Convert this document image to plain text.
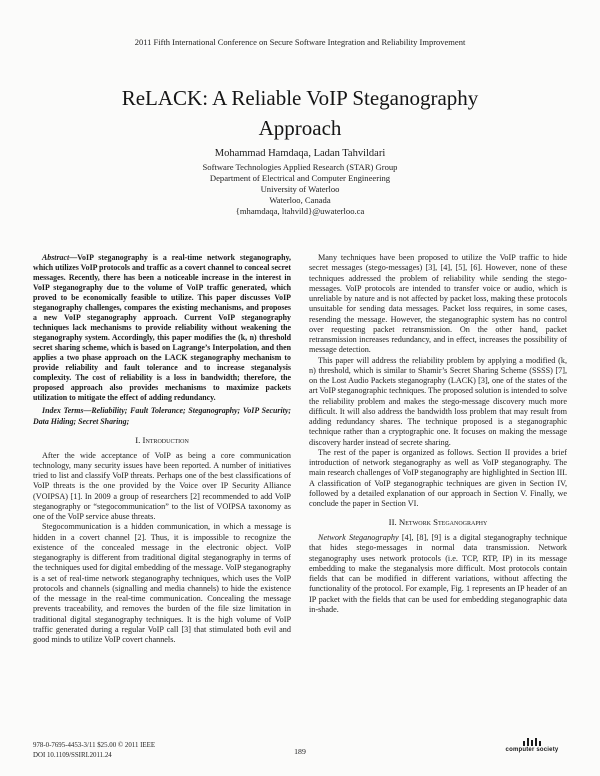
2011 Fifth International Conference on Secure Software Integration and Reliability Improvement
ReLACK: A Reliable VoIP Steganography
Approach
Mohammad Hamdaqa, Ladan Tahvildari
Software Technologies Applied Research (STAR) Group
Department of Electrical and Computer Engineering
University of Waterloo
Waterloo, Canada
{mhamdaqa, ltahvild}@uwaterloo.ca

Abstract—VoIP steganography is a real-time network steganography, which utilizes VoIP protocols and traffic as a covert channel to conceal secret messages. Recently, there has been a noticeable increase in the interest in VoIP steganography due to the volume of VoIP traffic generated, which proved to be economically feasible to utilize. This paper discusses VoIP steganography challenges, compares the existing mechanisms, and proposes a new VoIP steganography approach. Current VoIP steganography techniques lack mechanisms to provide reliability without weakening the steganography system. Accordingly, this paper modifies the (k, n) threshold secret sharing scheme, which is based on Lagrange’s Interpolation, and then applies a two phase approach on the LACK steganography mechanism to provide reliability and fault tolerance and to increase steganalysis complexity. The cost of reliability is a loss in bandwidth; therefore, the proposed approach also provides mechanisms to maximize packets utilization to mitigate the effect of adding redundancy.

Index Terms—Reliability; Fault Tolerance; Steganography; VoIP Security; Data Hiding; Secret Sharing;

I. Introduction

After the wide acceptance of VoIP as being a core communication technology, many security issues have been reported. A number of initiatives tried to list and classify VoIP threats. Perhaps one of the best classifications of VoIP threats is the one provided by the Voice over IP Security Alliance (VOIPSA) [1]. In 2009 a group of researchers [2] recommended to add VoIP steganography or “stegocommunication” to the list of VOIPSA taxonomy as one of the VoIP service abuse threats.

Stegocommunication is a hidden communication, in which a message is hidden in a covert channel [2]. Thus, it is impossible to recognize the existence of the concealed message in the electronic object. VoIP steganography is different from traditional digital steganography in terms of the techniques used for digital embedding of the message. VoIP steganography is a set of real-time network steganography techniques, which uses the VoIP protocols and channels (signalling and media channels) to hide the existence of the message in the real-time communication. Concealing the message prevents traceability, and removes the burden of the file size limitation in traditional digital steganography techniques. It is the high volume of VoIP traffic generated during a regular VoIP call [3] that stimulated both evil and good minds to utilize VoIP covert channels.

Many techniques have been proposed to utilize the VoIP traffic to hide secret messages (stego-messages) [3], [4], [5], [6]. However, none of these techniques addressed the problem of reliability while sending the stego-messages. VoIP protocols are intended to transfer voice or audio, which is unreliable by nature and is not affected by packet loss, making these protocols unsuitable for sending data messages. Packet loss requires, in some cases, resending the message. However, the steganographic system has no control over requesting packet retransmission. On the other hand, packet retransmission increases redundancy, and in effect, increases the possibility of message detection.

This paper will address the reliability problem by applying a modified (k, n) threshold, which is similar to Shamir’s Secret Sharing Scheme (SSSS) [7], on the Lost Audio Packets steganography (LACK) [3], one of the states of the art VoIP steganographic techniques. The proposed solution is intended to solve the reliability problem and makes the stego-message discovery much more difficult. It will also address the bandwidth loss problem that may result from adding redundancy shares. The technique proposed is a steganographic technique rather than a cryptographic one. It focuses on making the message discovery harder instead of secrete sharing.

The rest of the paper is organized as follows. Section II provides a brief introduction of network steganography as well as VoIP steganography. The main research challenges of VoIP steganography are highlighted in Section III. A classification of VoIP steganographic techniques are given in Section IV, followed by a detailed explanation of our approach in Section V. Finally, we conclude the paper in Section VI.

II. Network Steganography

Network Steganography [4], [8], [9] is a digital steganography technique that hides stego-messages in normal data transmission. Network steganography uses network protocols (i.e. TCP, RTP, IP) in its message embedding to make the steganalysis more difficult. Most protocols contain fields that can be modified in different variations, without affecting the functionality of the protocol. For example, Fig. 1 represents an IP header of an IP packet with the fields that can be used for embedding steganographic data in-shade.

978-0-7695-4453-3/11 $25.00 © 2011 IEEE
DOI 10.1109/SSIRI.2011.24	189	computer society
